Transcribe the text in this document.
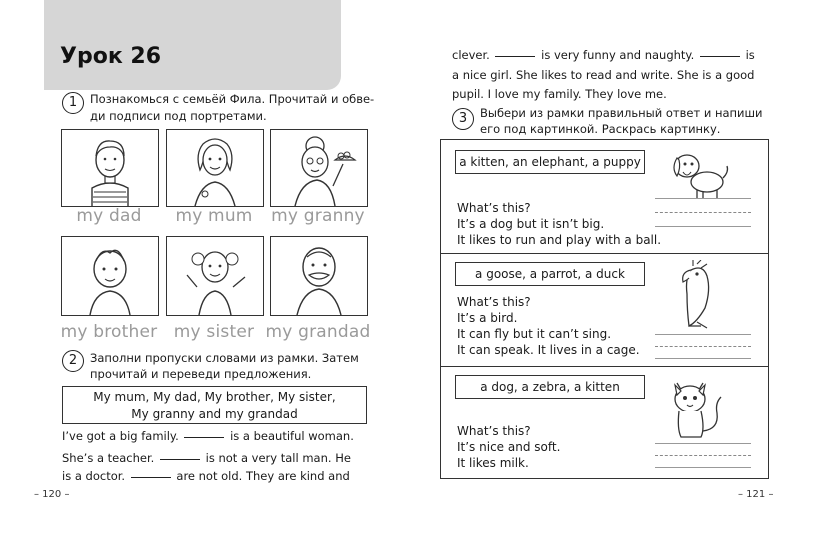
Урок 26
1	Познакомься с семьёй Фила. Прочитай и обве-
ди подписи под портретами.
my dad	my mum	my granny
my brother my sister my grandad
2	Заполни пропуски словами из рамки. Затем
прочитай и переведи предложения.
My mum, My dad, My brother, My sister,
My granny and my grandad
I’ve got a big family.	is a beautiful woman.
She’s a teacher.	is not a very tall man. He
is a doctor.	are not old. They are kind and
– 120 –
clever.	is very funny and naughty.	is
a nice girl. She likes to read and write. She is a good
pupil. I love my family. They love me.
3	Выбери из рамки правильный ответ и напиши
его под картинкой. Раскрась картинку.
a kitten, an elephant, a puppy
What’s this?
It’s a dog but it isn’t big.
It likes to run and play with a ball.
a goose, a parrot, a duck
What’s this?
It’s a bird.
It can fly but it can’t sing.
It can speak. It lives in a cage.
a dog, a zebra, a kitten
What’s this?
It’s nice and soft.
It likes milk.
– 121 –
